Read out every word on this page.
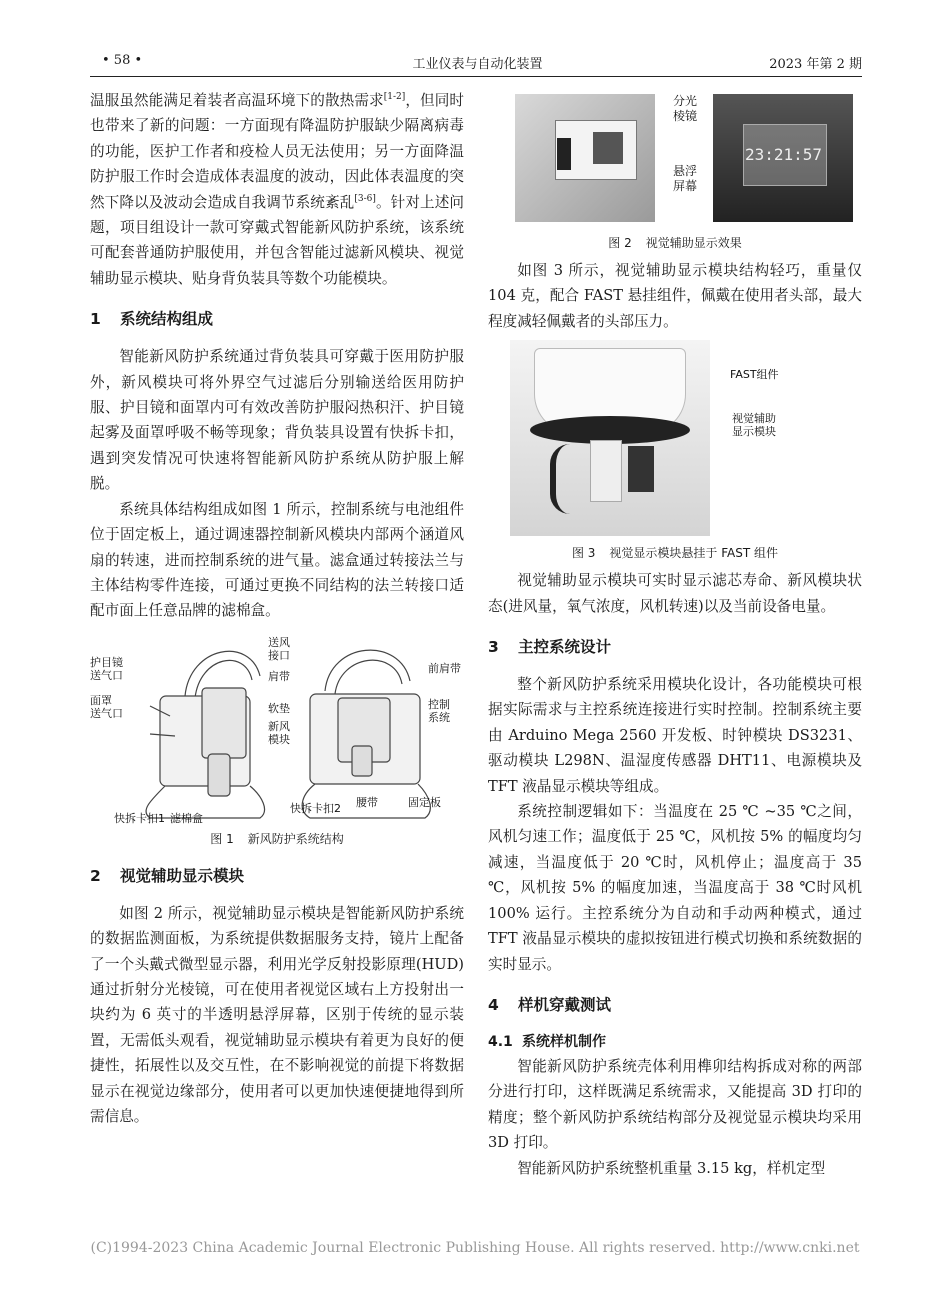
• 58 •	工业仪表与自动化装置	2023 年第 2 期

温服虽然能满足着装者高温环境下的散热需求[1-2]，但同时也带来了新的问题：一方面现有降温防护服缺少隔离病毒的功能，医护工作者和疫检人员无法使用；另一方面降温防护服工作时会造成体表温度的波动，因此体表温度的突然下降以及波动会造成自我调节系统紊乱[3-6]。针对上述问题，项目组设计一款可穿戴式智能新风防护系统，该系统可配套普通防护服使用，并包含智能过滤新风模块、视觉辅助显示模块、贴身背负装具等数个功能模块。

1 系统结构组成

智能新风防护系统通过背负装具可穿戴于医用防护服外，新风模块可将外界空气过滤后分别输送给医用防护服、护目镜和面罩内可有效改善防护服闷热积汗、护目镜起雾及面罩呼吸不畅等现象；背负装具设置有快拆卡扣，遇到突发情况可快速将智能新风防护系统从防护服上解脱。

系统具体结构组成如图 1 所示，控制系统与电池组件位于固定板上，通过调速器控制新风模块内部两个涵道风扇的转速，进而控制系统的进气量。滤盒通过转接法兰与主体结构零件连接，可通过更换不同结构的法兰转接口适配市面上任意品牌的滤棉盒。

护目镜
送气口
面罩
送气口
送风
接口
肩带
软垫
新风
模块
前肩带
控制
系统
固定板
腰带
快拆卡扣2
快拆卡扣1 滤棉盒
图 1 新风防护系统结构
2 视觉辅助显示模块

如图 2 所示，视觉辅助显示模块是智能新风防护系统的数据监测面板，为系统提供数据服务支持，镜片上配备了一个头戴式微型显示器，利用光学反射投影原理(HUD)通过折射分光棱镜，可在使用者视觉区域右上方投射出一块约为 6 英寸的半透明悬浮屏幕，区别于传统的显示装置，无需低头观看，视觉辅助显示模块有着更为良好的便捷性，拓展性以及交互性，在不影响视觉的前提下将数据显示在视觉边缘部分，使用者可以更加快速便捷地得到所需信息。

分光
棱镜
悬浮
屏幕
23:21:57
图 2 视觉辅助显示效果

如图 3 所示，视觉辅助显示模块结构轻巧，重量仅 104 克，配合 FAST 悬挂组件，佩戴在使用者头部，最大程度减轻佩戴者的头部压力。

FAST组件
视觉辅助
显示模块
图 3 视觉显示模块悬挂于 FAST 组件

视觉辅助显示模块可实时显示滤芯寿命、新风模块状态(进风量，氧气浓度，风机转速)以及当前设备电量。

3 主控系统设计

整个新风防护系统采用模块化设计，各功能模块可根据实际需求与主控系统连接进行实时控制。控制系统主要由 Arduino Mega 2560 开发板、时钟模块 DS3231、驱动模块 L298N、温湿度传感器 DHT11、电源模块及 TFT 液晶显示模块等组成。

系统控制逻辑如下：当温度在 25 ℃ ~35 ℃之间，风机匀速工作；温度低于 25 ℃，风机按 5% 的幅度均匀减速，当温度低于 20 ℃时，风机停止；温度高于 35 ℃，风机按 5% 的幅度加速，当温度高于 38 ℃时风机 100% 运行。主控系统分为自动和手动两种模式，通过 TFT 液晶显示模块的虚拟按钮进行模式切换和系统数据的实时显示。

4 样机穿戴测试
4.1 系统样机制作

智能新风防护系统壳体利用榫卯结构拆成对称的两部分进行打印，这样既满足系统需求，又能提高 3D 打印的精度；整个新风防护系统结构部分及视觉显示模块均采用 3D 打印。

智能新风防护系统整机重量 3.15 kg，样机定型

(C)1994-2023 China Academic Journal Electronic Publishing House. All rights reserved. http://www.cnki.net
